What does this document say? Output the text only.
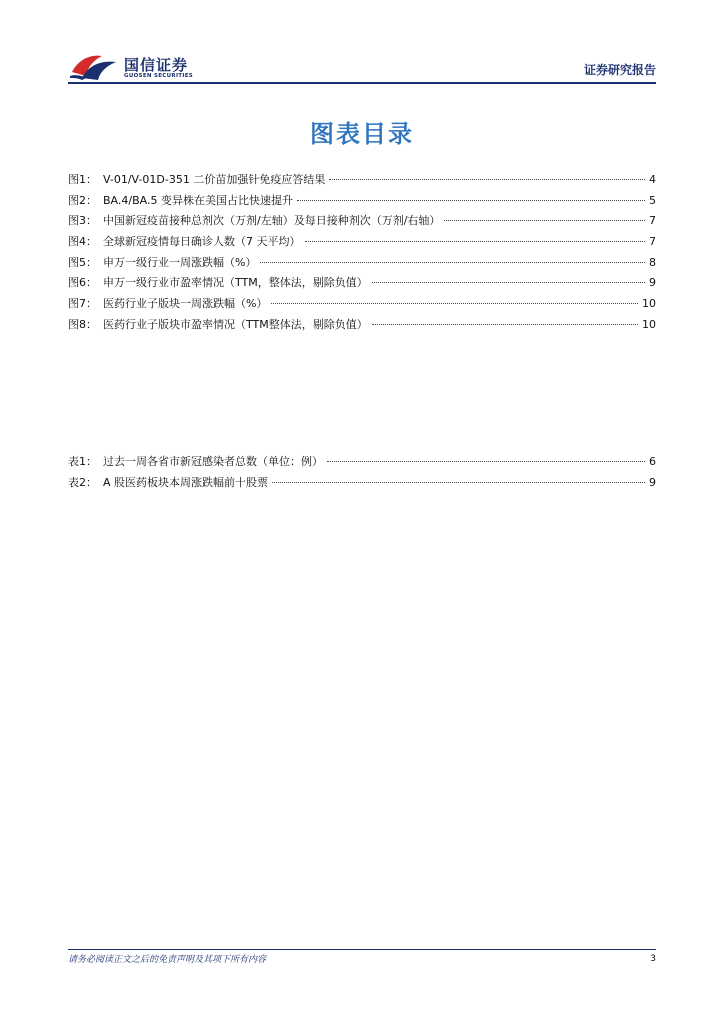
国信证券
GUOSEN SECURITIES	证券研究报告
图表目录
图1： V-01/V-01D-351 二价苗加强针免疫应答结果	4
图2： BA.4/BA.5 变异株在美国占比快速提升	5
图3： 中国新冠疫苗接种总剂次（万剂/左轴）及每日接种剂次（万剂/右轴）	7
图4： 全球新冠疫情每日确诊人数（7 天平均）	7
图5： 申万一级行业一周涨跌幅（%）	8
图6： 申万一级行业市盈率情况（TTM，整体法，剔除负值）	9
图7： 医药行业子版块一周涨跌幅（%）	10
图8： 医药行业子版块市盈率情况（TTM整体法，剔除负值）	10
表1： 过去一周各省市新冠感染者总数（单位：例）	6
表2： A 股医药板块本周涨跌幅前十股票	9
请务必阅读正文之后的免责声明及其项下所有内容	3
